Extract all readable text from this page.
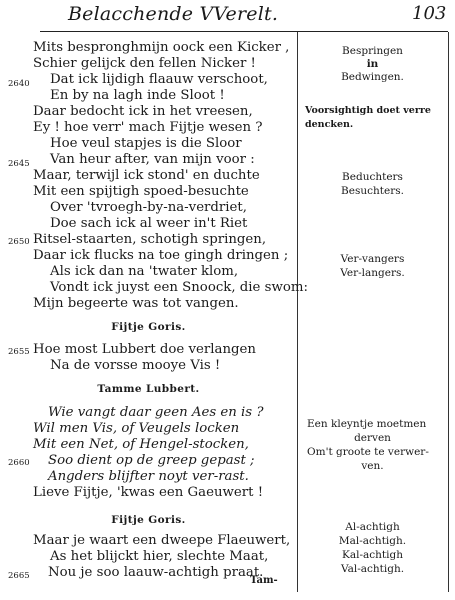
Belacchende VVerelt.	103
Mits bespronghmijn oock een Kicker ,
Schier gelijck den fellen Nicker !
Dat ick lijdigh flaauw verschoot,
En by na lagh inde Sloot !
Daar bedocht ick in het vreesen,
Ey ! hoe verr' mach Fijtje wesen ?
Hoe veul stapjes is die Sloor
Van heur after, van mijn voor :
Maar, terwijl ick stond' en duchte
Mit een spijtigh spoed-besuchte
Over 'tvroegh-by-na-verdriet,
Doe sach ick al weer in't Riet
Ritsel-staarten, schotigh springen,
Daar ick flucks na toe gingh dringen ;
Als ick dan na 'twater klom,
Vondt ick juyst een Snoock, die swom:
Mijn begeerte was tot vangen.
Fijtje Goris.
Hoe most Lubbert doe verlangen
Na de vorsse mooye Vis !
Tamme Lubbert.
Wie vangt daar geen Aes en is ?
Wil men Vis, of Veugels locken
Mit een Net, of Hengel-stocken,
Soo dient op de greep gepast ;
Angders blijfter noyt ver-rast.
Lieve Fijtje, 'kwas een Gaeuwert !
Fijtje Goris.
Maar je waart een dweepe Flaeuwert,
As het blijckt hier, slechte Maat,
Nou je soo laauw-achtigh praat.
2640
2645
2650
2655
2660
2665
Bespringen
in
Bedwingen.
Voorsightigh doet verre
dencken.
Beduchters
Besuchters.
Ver-vangers
Ver-langers.
Een kleyntje moetmen
derven
Om't groote te verwer-
ven.
Al-achtigh
Mal-achtigh.
Kal-achtigh
Val-achtigh.
Tam-
